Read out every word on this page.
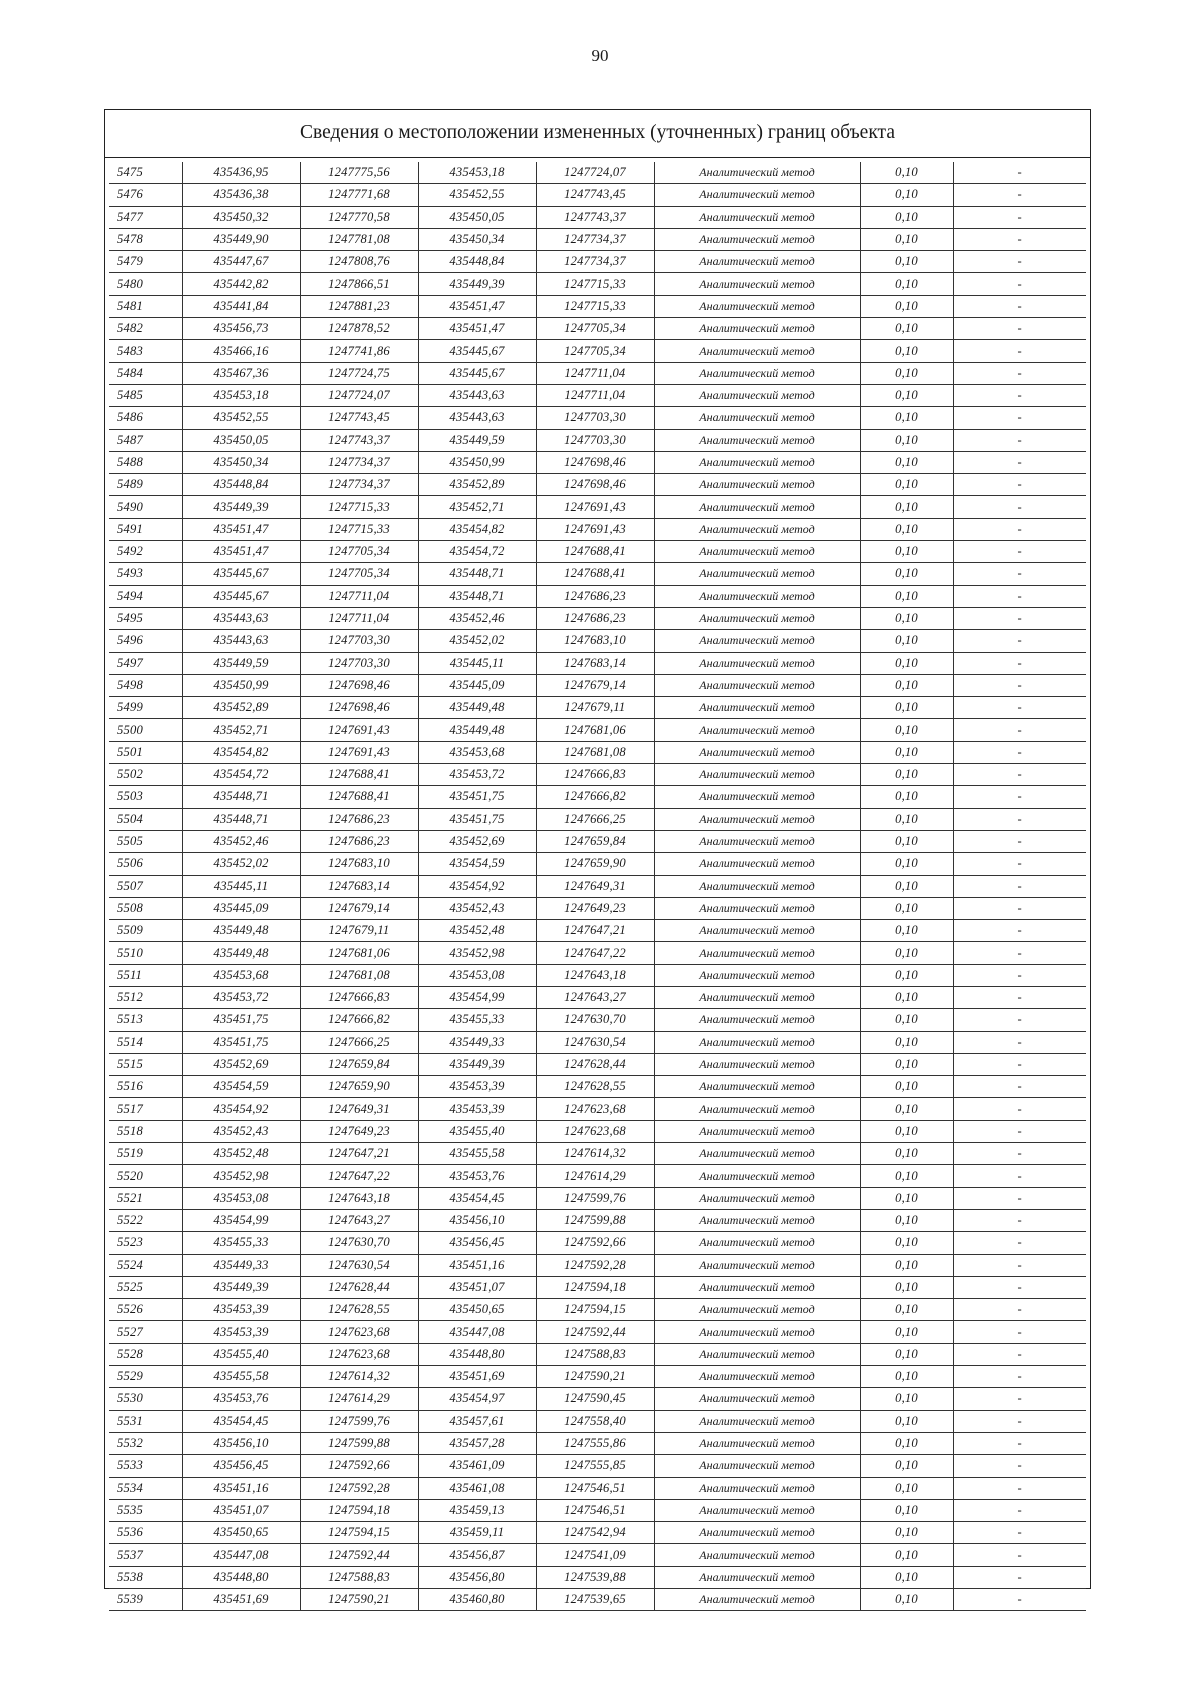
90
Сведения о местоположении измененных (уточненных) границ объекта
5475	435436,95	1247775,56	435453,18	1247724,07	Аналитический метод	0,10	-
5476	435436,38	1247771,68	435452,55	1247743,45	Аналитический метод	0,10	-
5477	435450,32	1247770,58	435450,05	1247743,37	Аналитический метод	0,10	-
5478	435449,90	1247781,08	435450,34	1247734,37	Аналитический метод	0,10	-
5479	435447,67	1247808,76	435448,84	1247734,37	Аналитический метод	0,10	-
5480	435442,82	1247866,51	435449,39	1247715,33	Аналитический метод	0,10	-
5481	435441,84	1247881,23	435451,47	1247715,33	Аналитический метод	0,10	-
5482	435456,73	1247878,52	435451,47	1247705,34	Аналитический метод	0,10	-
5483	435466,16	1247741,86	435445,67	1247705,34	Аналитический метод	0,10	-
5484	435467,36	1247724,75	435445,67	1247711,04	Аналитический метод	0,10	-
5485	435453,18	1247724,07	435443,63	1247711,04	Аналитический метод	0,10	-
5486	435452,55	1247743,45	435443,63	1247703,30	Аналитический метод	0,10	-
5487	435450,05	1247743,37	435449,59	1247703,30	Аналитический метод	0,10	-
5488	435450,34	1247734,37	435450,99	1247698,46	Аналитический метод	0,10	-
5489	435448,84	1247734,37	435452,89	1247698,46	Аналитический метод	0,10	-
5490	435449,39	1247715,33	435452,71	1247691,43	Аналитический метод	0,10	-
5491	435451,47	1247715,33	435454,82	1247691,43	Аналитический метод	0,10	-
5492	435451,47	1247705,34	435454,72	1247688,41	Аналитический метод	0,10	-
5493	435445,67	1247705,34	435448,71	1247688,41	Аналитический метод	0,10	-
5494	435445,67	1247711,04	435448,71	1247686,23	Аналитический метод	0,10	-
5495	435443,63	1247711,04	435452,46	1247686,23	Аналитический метод	0,10	-
5496	435443,63	1247703,30	435452,02	1247683,10	Аналитический метод	0,10	-
5497	435449,59	1247703,30	435445,11	1247683,14	Аналитический метод	0,10	-
5498	435450,99	1247698,46	435445,09	1247679,14	Аналитический метод	0,10	-
5499	435452,89	1247698,46	435449,48	1247679,11	Аналитический метод	0,10	-
5500	435452,71	1247691,43	435449,48	1247681,06	Аналитический метод	0,10	-
5501	435454,82	1247691,43	435453,68	1247681,08	Аналитический метод	0,10	-
5502	435454,72	1247688,41	435453,72	1247666,83	Аналитический метод	0,10	-
5503	435448,71	1247688,41	435451,75	1247666,82	Аналитический метод	0,10	-
5504	435448,71	1247686,23	435451,75	1247666,25	Аналитический метод	0,10	-
5505	435452,46	1247686,23	435452,69	1247659,84	Аналитический метод	0,10	-
5506	435452,02	1247683,10	435454,59	1247659,90	Аналитический метод	0,10	-
5507	435445,11	1247683,14	435454,92	1247649,31	Аналитический метод	0,10	-
5508	435445,09	1247679,14	435452,43	1247649,23	Аналитический метод	0,10	-
5509	435449,48	1247679,11	435452,48	1247647,21	Аналитический метод	0,10	-
5510	435449,48	1247681,06	435452,98	1247647,22	Аналитический метод	0,10	-
5511	435453,68	1247681,08	435453,08	1247643,18	Аналитический метод	0,10	-
5512	435453,72	1247666,83	435454,99	1247643,27	Аналитический метод	0,10	-
5513	435451,75	1247666,82	435455,33	1247630,70	Аналитический метод	0,10	-
5514	435451,75	1247666,25	435449,33	1247630,54	Аналитический метод	0,10	-
5515	435452,69	1247659,84	435449,39	1247628,44	Аналитический метод	0,10	-
5516	435454,59	1247659,90	435453,39	1247628,55	Аналитический метод	0,10	-
5517	435454,92	1247649,31	435453,39	1247623,68	Аналитический метод	0,10	-
5518	435452,43	1247649,23	435455,40	1247623,68	Аналитический метод	0,10	-
5519	435452,48	1247647,21	435455,58	1247614,32	Аналитический метод	0,10	-
5520	435452,98	1247647,22	435453,76	1247614,29	Аналитический метод	0,10	-
5521	435453,08	1247643,18	435454,45	1247599,76	Аналитический метод	0,10	-
5522	435454,99	1247643,27	435456,10	1247599,88	Аналитический метод	0,10	-
5523	435455,33	1247630,70	435456,45	1247592,66	Аналитический метод	0,10	-
5524	435449,33	1247630,54	435451,16	1247592,28	Аналитический метод	0,10	-
5525	435449,39	1247628,44	435451,07	1247594,18	Аналитический метод	0,10	-
5526	435453,39	1247628,55	435450,65	1247594,15	Аналитический метод	0,10	-
5527	435453,39	1247623,68	435447,08	1247592,44	Аналитический метод	0,10	-
5528	435455,40	1247623,68	435448,80	1247588,83	Аналитический метод	0,10	-
5529	435455,58	1247614,32	435451,69	1247590,21	Аналитический метод	0,10	-
5530	435453,76	1247614,29	435454,97	1247590,45	Аналитический метод	0,10	-
5531	435454,45	1247599,76	435457,61	1247558,40	Аналитический метод	0,10	-
5532	435456,10	1247599,88	435457,28	1247555,86	Аналитический метод	0,10	-
5533	435456,45	1247592,66	435461,09	1247555,85	Аналитический метод	0,10	-
5534	435451,16	1247592,28	435461,08	1247546,51	Аналитический метод	0,10	-
5535	435451,07	1247594,18	435459,13	1247546,51	Аналитический метод	0,10	-
5536	435450,65	1247594,15	435459,11	1247542,94	Аналитический метод	0,10	-
5537	435447,08	1247592,44	435456,87	1247541,09	Аналитический метод	0,10	-
5538	435448,80	1247588,83	435456,80	1247539,88	Аналитический метод	0,10	-
5539	435451,69	1247590,21	435460,80	1247539,65	Аналитический метод	0,10	-
